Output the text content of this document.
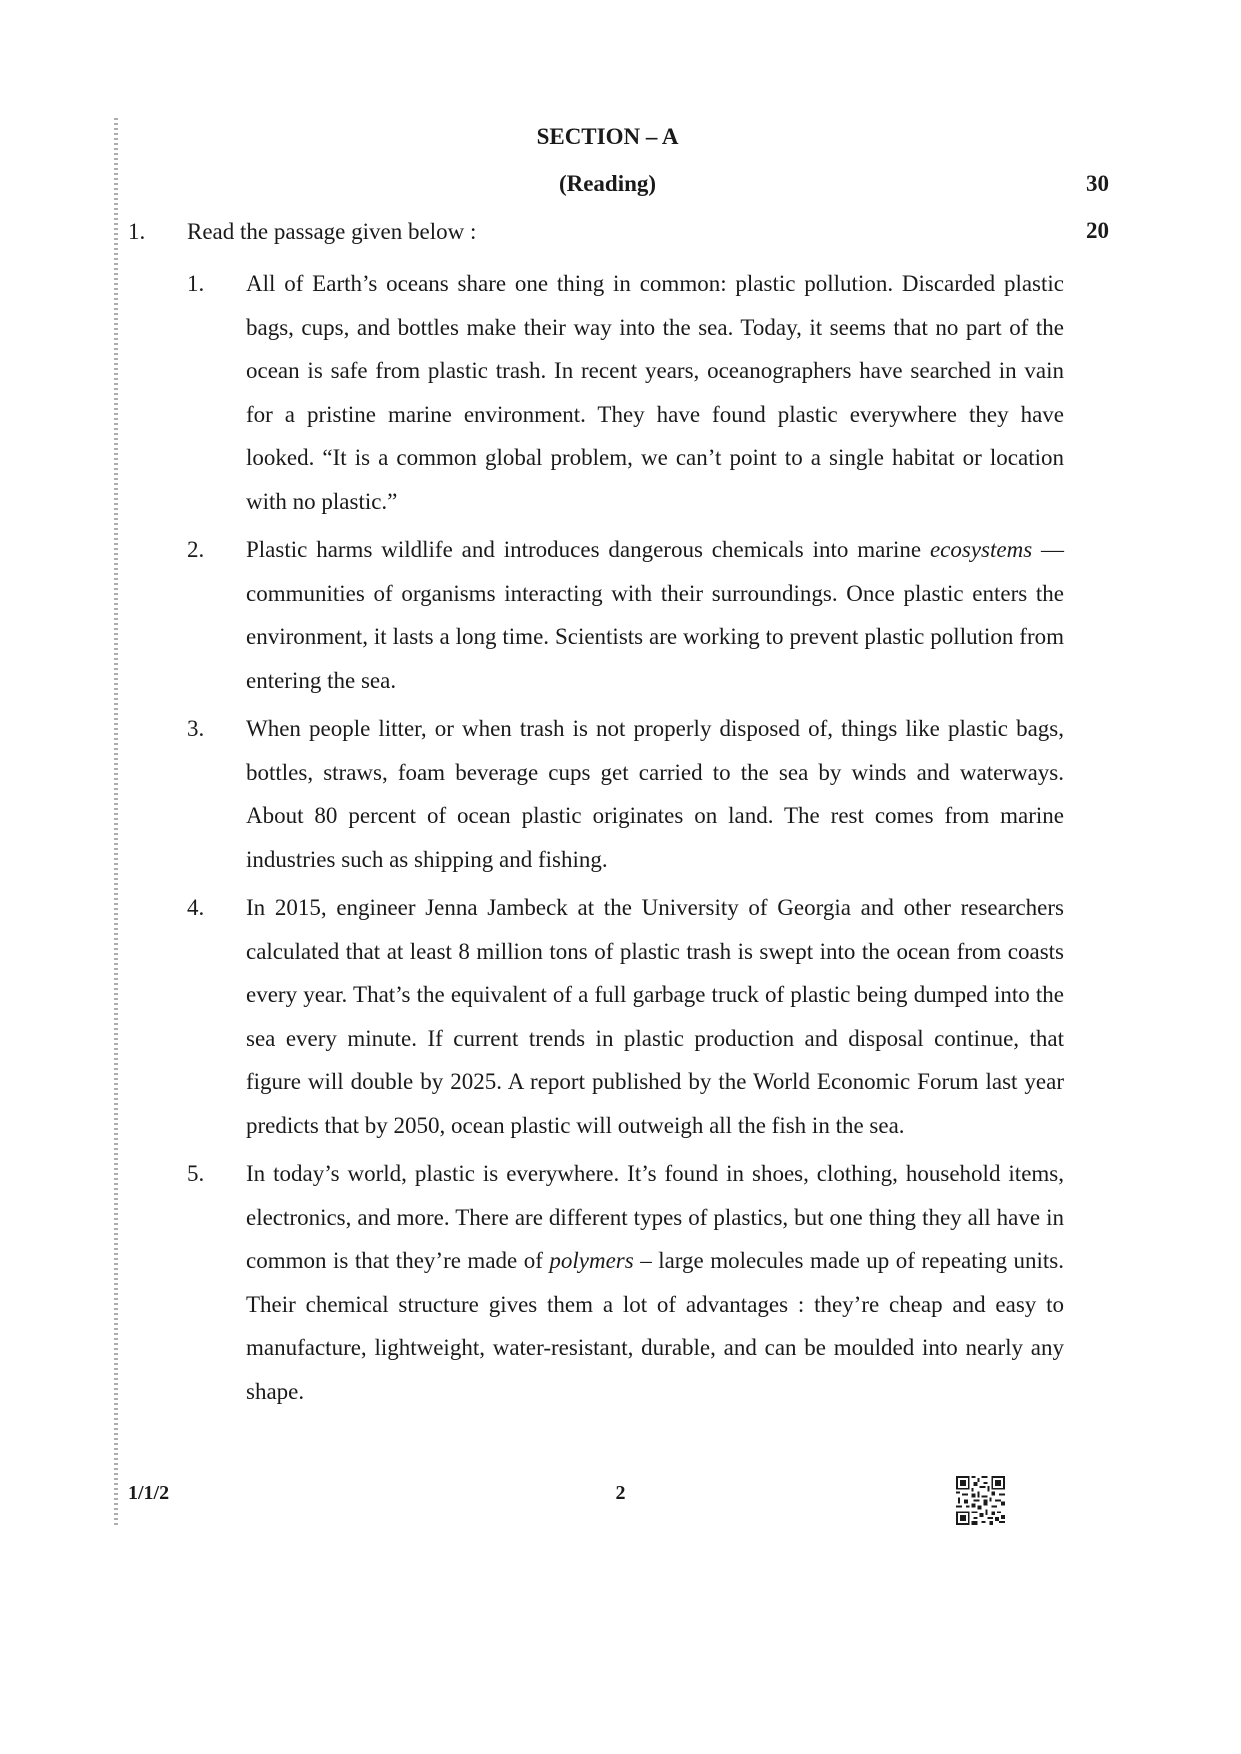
SECTION – A
(Reading)	30
1. Read the passage given below :	20
1.	All of Earth’s oceans share one thing in common: plastic pollution. Discarded plastic bags, cups, and bottles make their way into the sea. Today, it seems that no part of the ocean is safe from plastic trash. In recent years, oceanographers have searched in vain for a pristine marine environment. They have found plastic everywhere they have looked. “It is a common global problem, we can’t point to a single habitat or location with no plastic.”

2.	Plastic harms wildlife and introduces dangerous chemicals into marine ecosystems — communities of organisms interacting with their surroundings. Once plastic enters the environment, it lasts a long time. Scientists are working to prevent plastic pollution from entering the sea.

3.	When people litter, or when trash is not properly disposed of, things like plastic bags, bottles, straws, foam beverage cups get carried to the sea by winds and waterways. About 80 percent of ocean plastic originates on land. The rest comes from marine industries such as shipping and fishing.

4.	In 2015, engineer Jenna Jambeck at the University of Georgia and other researchers calculated that at least 8 million tons of plastic trash is swept into the ocean from coasts every year. That’s the equivalent of a full garbage truck of plastic being dumped into the sea every minute. If current trends in plastic production and disposal continue, that figure will double by 2025. A report published by the World Economic Forum last year predicts that by 2050, ocean plastic will outweigh all the fish in the sea.

5.	In today’s world, plastic is everywhere. It’s found in shoes, clothing, household items, electronics, and more. There are different types of plastics, but one thing they all have in common is that they’re made of polymers – large molecules made up of repeating units. Their chemical structure gives them a lot of advantages : they’re cheap and easy to manufacture, lightweight, water-resistant, durable, and can be moulded into nearly any shape.

1/1/2	2
